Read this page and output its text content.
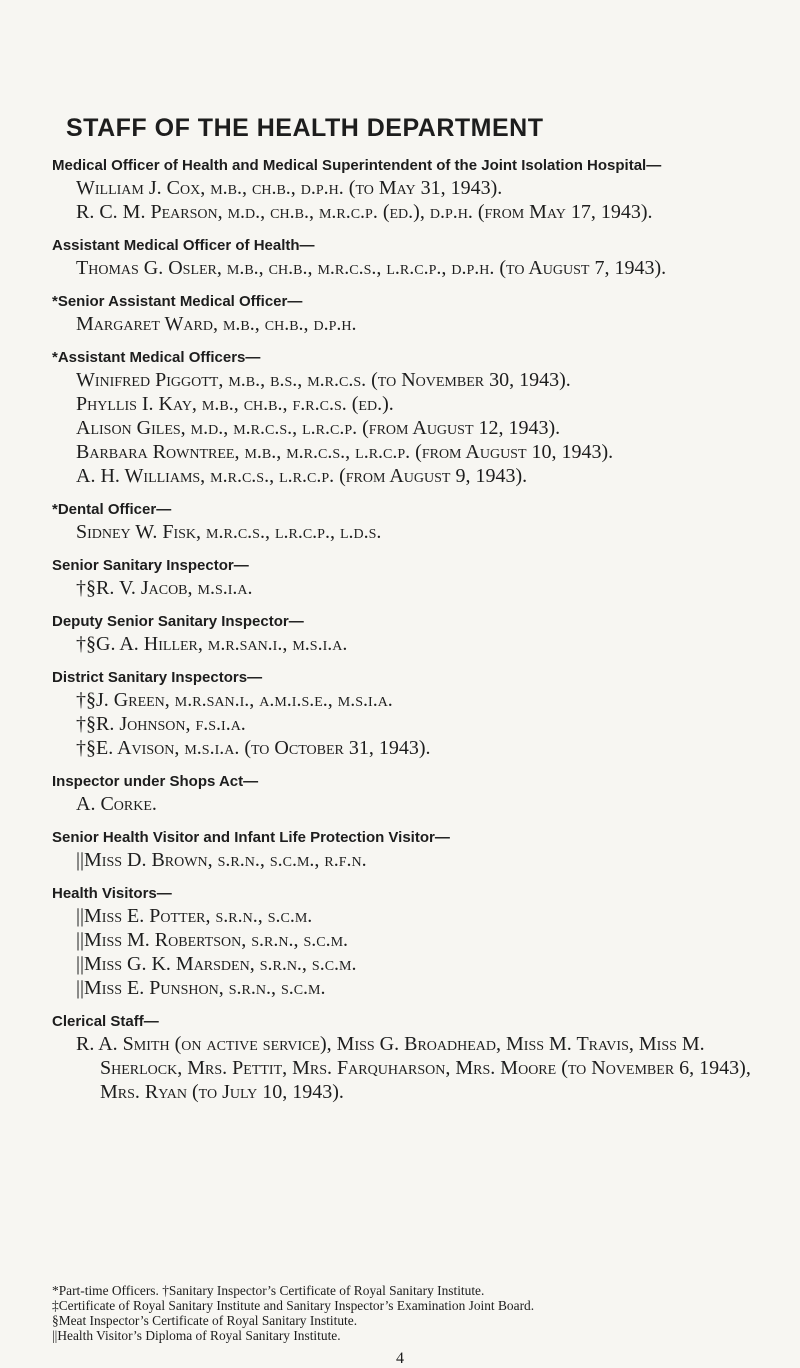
STAFF OF THE HEALTH DEPARTMENT
Medical Officer of Health and Medical Superintendent of the Joint Isolation Hospital—
William J. Cox, m.b., ch.b., d.p.h. (to May 31, 1943).
R. C. M. Pearson, m.d., ch.b., m.r.c.p. (ed.), d.p.h. (from May 17, 1943).
Assistant Medical Officer of Health—
Thomas G. Osler, m.b., ch.b., m.r.c.s., l.r.c.p., d.p.h. (to August 7, 1943).
*Senior Assistant Medical Officer—
Margaret Ward, m.b., ch.b., d.p.h.
*Assistant Medical Officers—
Winifred Piggott, m.b., b.s., m.r.c.s. (to November 30, 1943).
Phyllis I. Kay, m.b., ch.b., f.r.c.s. (ed.).
Alison Giles, m.d., m.r.c.s., l.r.c.p. (from August 12, 1943).
Barbara Rowntree, m.b., m.r.c.s., l.r.c.p. (from August 10, 1943).
A. H. Williams, m.r.c.s., l.r.c.p. (from August 9, 1943).
*Dental Officer—
Sidney W. Fisk, m.r.c.s., l.r.c.p., l.d.s.
Senior Sanitary Inspector—
†§R. V. Jacob, m.s.i.a.
Deputy Senior Sanitary Inspector—
†§G. A. Hiller, m.r.san.i., m.s.i.a.
District Sanitary Inspectors—
†§J. Green, m.r.san.i., a.m.i.s.e., m.s.i.a.
†§R. Johnson, f.s.i.a.
†§E. Avison, m.s.i.a. (to October 31, 1943).
Inspector under Shops Act—
A. Corke.
Senior Health Visitor and Infant Life Protection Visitor—
||Miss D. Brown, s.r.n., s.c.m., r.f.n.
Health Visitors—
||Miss E. Potter, s.r.n., s.c.m.
||Miss M. Robertson, s.r.n., s.c.m.
||Miss G. K. Marsden, s.r.n., s.c.m.
||Miss E. Punshon, s.r.n., s.c.m.
Clerical Staff—
R. A. Smith (on active service), Miss G. Broadhead, Miss M. Travis, Miss M. Sherlock, Mrs. Pettit, Mrs. Farquharson, Mrs. Moore (to November 6, 1943), Mrs. Ryan (to July 10, 1943).
*Part-time Officers. †Sanitary Inspector’s Certificate of Royal Sanitary Institute.
‡Certificate of Royal Sanitary Institute and Sanitary Inspector’s Examination Joint Board.
§Meat Inspector’s Certificate of Royal Sanitary Institute.
||Health Visitor’s Diploma of Royal Sanitary Institute.
4
